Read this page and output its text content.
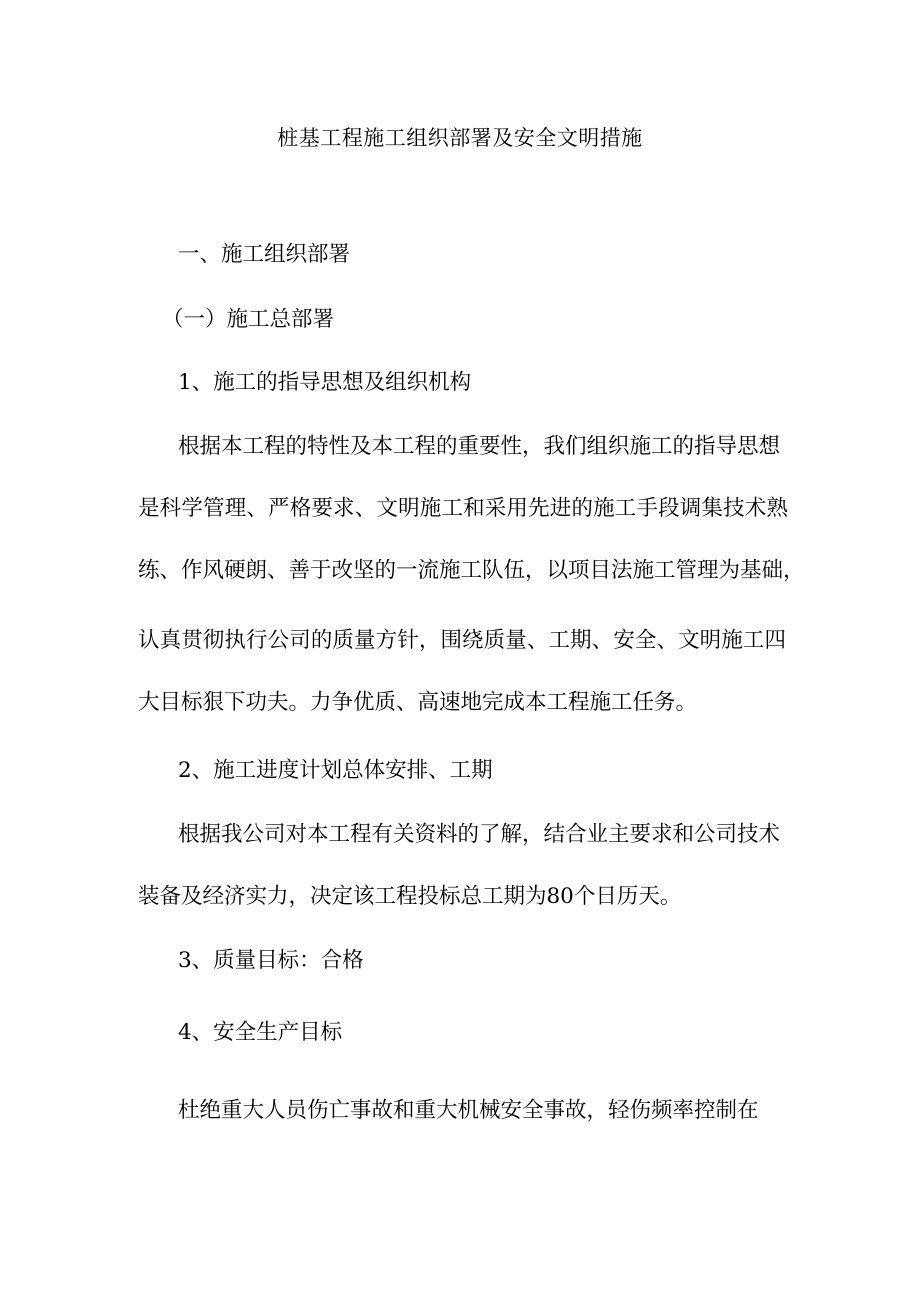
桩基工程施工组织部署及安全文明措施
一、施工组织部署
（一）施工总部署
1、施工的指导思想及组织机构
根据本工程的特性及本工程的重要性，我们组织施工的指导思想
是科学管理、严格要求、文明施工和采用先进的施工手段调集技术熟
练、作风硬朗、善于改坚的一流施工队伍，以项目法施工管理为基础，
认真贯彻执行公司的质量方针，围绕质量、工期、安全、文明施工四
大目标狠下功夫。力争优质、高速地完成本工程施工任务。
2、施工进度计划总体安排、工期
根据我公司对本工程有关资料的了解，结合业主要求和公司技术
装备及经济实力，决定该工程投标总工期为80个日历天。
3、质量目标：合格
4、安全生产目标
杜绝重大人员伤亡事故和重大机械安全事故，轻伤频率控制在
